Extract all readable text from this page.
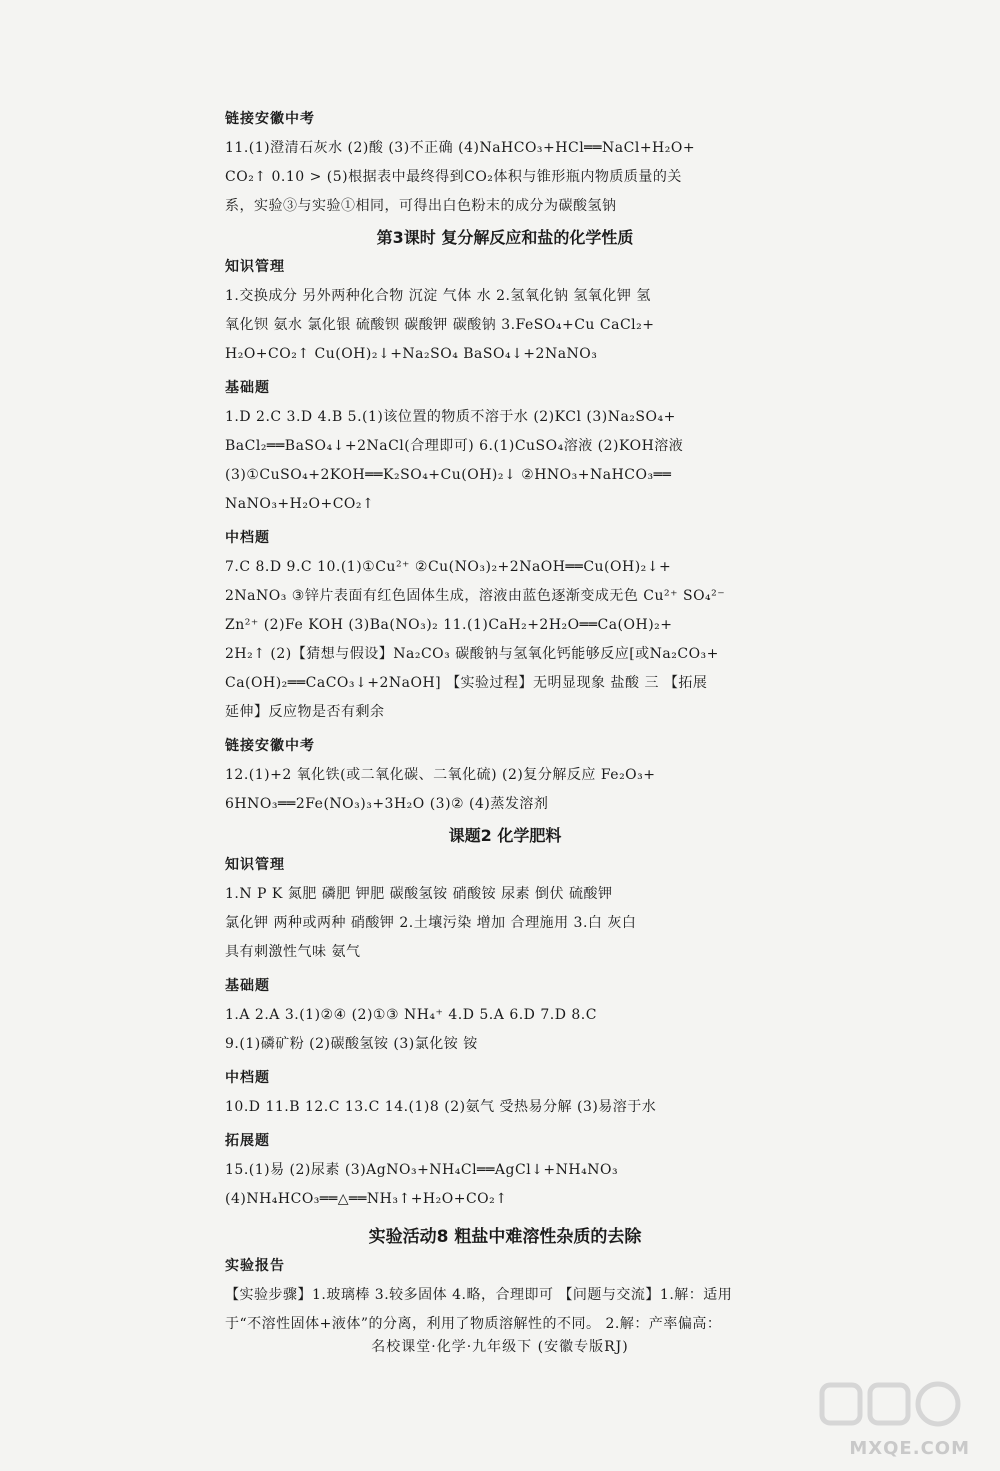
链接安徽中考
11.(1)澄清石灰水 (2)酸 (3)不正确 (4)NaHCO₃+HCl══NaCl+H₂O+
CO₂↑ 0.10 > (5)根据表中最终得到CO₂体积与锥形瓶内物质质量的关
系，实验③与实验①相同，可得出白色粉末的成分为碳酸氢钠
第3课时 复分解反应和盐的化学性质
知识管理
1.交换成分 另外两种化合物 沉淀 气体 水 2.氢氧化钠 氢氧化钾 氢
氧化钡 氨水 氯化银 硫酸钡 碳酸钾 碳酸钠 3.FeSO₄+Cu CaCl₂+
H₂O+CO₂↑ Cu(OH)₂↓+Na₂SO₄ BaSO₄↓+2NaNO₃
基础题
1.D 2.C 3.D 4.B 5.(1)该位置的物质不溶于水 (2)KCl (3)Na₂SO₄+
BaCl₂══BaSO₄↓+2NaCl(合理即可) 6.(1)CuSO₄溶液 (2)KOH溶液
(3)①CuSO₄+2KOH══K₂SO₄+Cu(OH)₂↓ ②HNO₃+NaHCO₃══
NaNO₃+H₂O+CO₂↑
中档题
7.C 8.D 9.C 10.(1)①Cu²⁺ ②Cu(NO₃)₂+2NaOH══Cu(OH)₂↓+
2NaNO₃ ③锌片表面有红色固体生成，溶液由蓝色逐渐变成无色 Cu²⁺ SO₄²⁻
Zn²⁺ (2)Fe KOH (3)Ba(NO₃)₂ 11.(1)CaH₂+2H₂O══Ca(OH)₂+
2H₂↑ (2)【猜想与假设】Na₂CO₃ 碳酸钠与氢氧化钙能够反应[或Na₂CO₃+
Ca(OH)₂══CaCO₃↓+2NaOH] 【实验过程】无明显现象 盐酸 三 【拓展
延伸】反应物是否有剩余
链接安徽中考
12.(1)+2 氧化铁(或二氧化碳、二氧化硫) (2)复分解反应 Fe₂O₃+
6HNO₃══2Fe(NO₃)₃+3H₂O (3)② (4)蒸发溶剂
课题2 化学肥料
知识管理
1.N P K 氮肥 磷肥 钾肥 碳酸氢铵 硝酸铵 尿素 倒伏 硫酸钾
氯化钾 两种或两种 硝酸钾 2.土壤污染 增加 合理施用 3.白 灰白
具有刺激性气味 氨气
基础题
1.A 2.A 3.(1)②④ (2)①③ NH₄⁺ 4.D 5.A 6.D 7.D 8.C
9.(1)磷矿粉 (2)碳酸氢铵 (3)氯化铵 铵
中档题
10.D 11.B 12.C 13.C 14.(1)8 (2)氨气 受热易分解 (3)易溶于水
拓展题
15.(1)易 (2)尿素 (3)AgNO₃+NH₄Cl══AgCl↓+NH₄NO₃
(4)NH₄HCO₃══△══NH₃↑+H₂O+CO₂↑
实验活动8 粗盐中难溶性杂质的去除
实验报告
【实验步骤】1.玻璃棒 3.较多固体 4.略，合理即可 【问题与交流】1.解：适用
于“不溶性固体+液体”的分离，利用了物质溶解性的不同。 2.解：产率偏高：
名校课堂·化学·九年级下 (安徽专版RJ)
MXQE.COM
